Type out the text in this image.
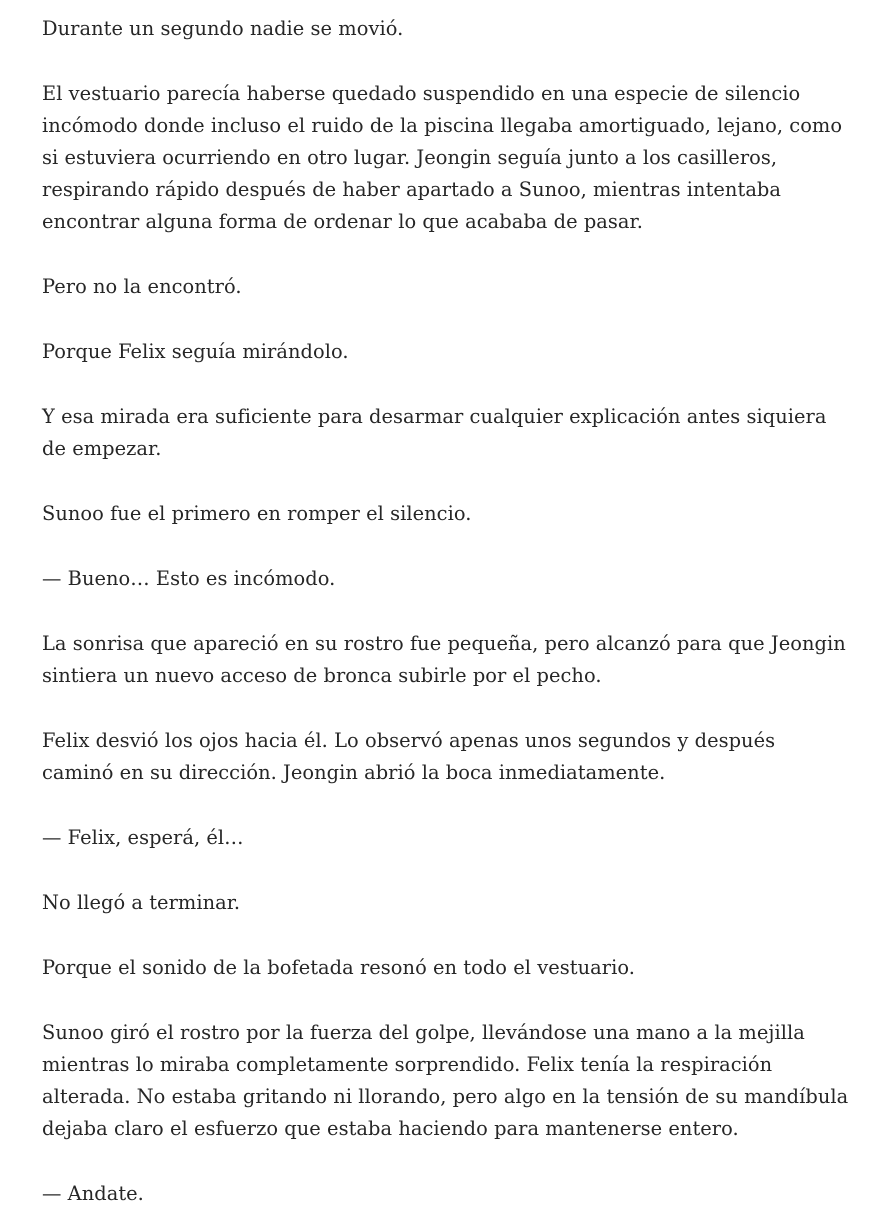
Durante un segundo nadie se movió.

El vestuario parecía haberse quedado suspendido en una especie de silencio
incómodo donde incluso el ruido de la piscina llegaba amortiguado, lejano, como
si estuviera ocurriendo en otro lugar. Jeongin seguía junto a los casilleros,
respirando rápido después de haber apartado a Sunoo, mientras intentaba
encontrar alguna forma de ordenar lo que acababa de pasar.

Pero no la encontró.

Porque Felix seguía mirándolo.

Y esa mirada era suficiente para desarmar cualquier explicación antes siquiera
de empezar.

Sunoo fue el primero en romper el silencio.

— Bueno… Esto es incómodo.

La sonrisa que apareció en su rostro fue pequeña, pero alcanzó para que Jeongin
sintiera un nuevo acceso de bronca subirle por el pecho.

Felix desvió los ojos hacia él. Lo observó apenas unos segundos y después
caminó en su dirección. Jeongin abrió la boca inmediatamente.

— Felix, esperá, él…

No llegó a terminar.

Porque el sonido de la bofetada resonó en todo el vestuario.

Sunoo giró el rostro por la fuerza del golpe, llevándose una mano a la mejilla
mientras lo miraba completamente sorprendido. Felix tenía la respiración
alterada. No estaba gritando ni llorando, pero algo en la tensión de su mandíbula
dejaba claro el esfuerzo que estaba haciendo para mantenerse entero.

— Andate.
